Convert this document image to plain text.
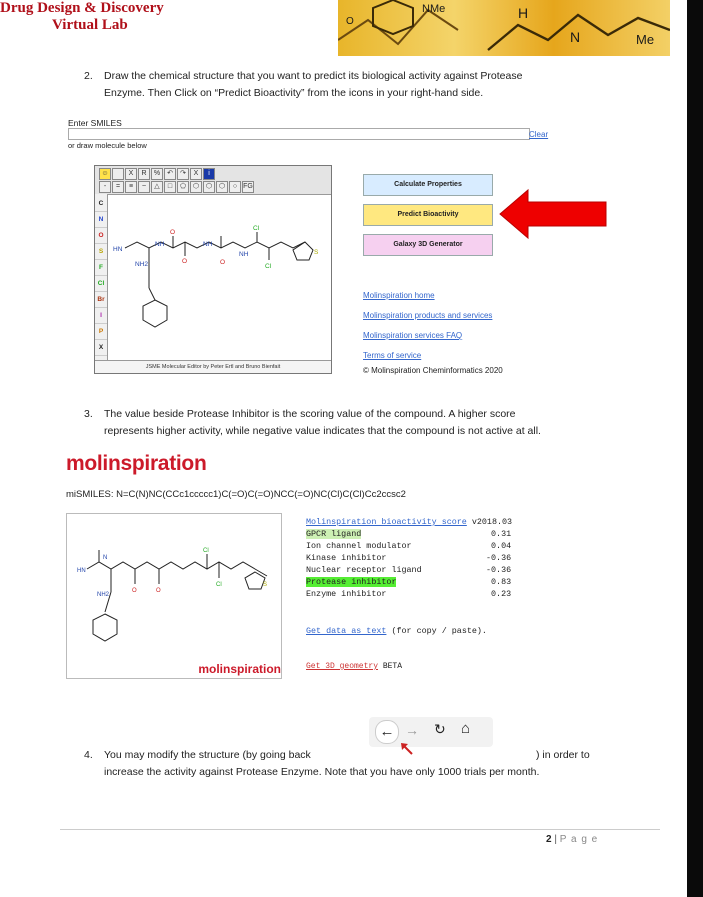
Drug Design & Discovery
Virtual Lab
NMe	H
N	Me
O
2. Draw the chemical structure that you want to predict its biological activity against Protease
Enzyme. Then Click on “Predict Bioactivity” from the icons in your right-hand side.
Enter SMILES
Clear
or draw molecule below
HN
NH
O
NH
O
NH
Cl
Cl
S
NH2	O
JSME Molecular Editor by Peter Ertl and Bruno Bienfait
☺	X	R	% ↶	↷	X	i
-	=	≡	~	△	□	⬠ ⬡ ⬡ ⬡	○ FG
C
N
O
S
F
Cl
Br
I
P
X
Calculate Properties
Predict Bioactivity
Galaxy 3D Generator
Molinspiration home
Molinspiration products and services
Molinspiration services FAQ
Terms of service
© Molinspiration Cheminformatics 2020
3. The value beside Protease Inhibitor is the scoring value of the compound. A higher score
represents higher activity, while negative value indicates that the compound is not active at all.
molinspiration
miSMILES: N=C(N)NC(CCc1ccccc1)C(=O)C(=O)NCC(=O)NC(Cl)C(Cl)Cc2ccsc2
HN
N
NH2
O	O
Cl
Cl	S
molinspiration
Molinspiration bioactivity score v2018.03
GPCR ligand	0.31
Ion channel modulator	0.04
Kinase inhibitor	-0.36
Nuclear receptor ligand	-0.36
Protease inhibitor	0.83
Enzyme inhibitor	0.23
Get data as text (for copy / paste).
Get 3D geometry BETA
← → ↻ ⌂
4. You may modify the structure (by going back	) in order to
increase the activity against Protease Enzyme. Note that you have only 1000 trials per month.
2 | P a g e
